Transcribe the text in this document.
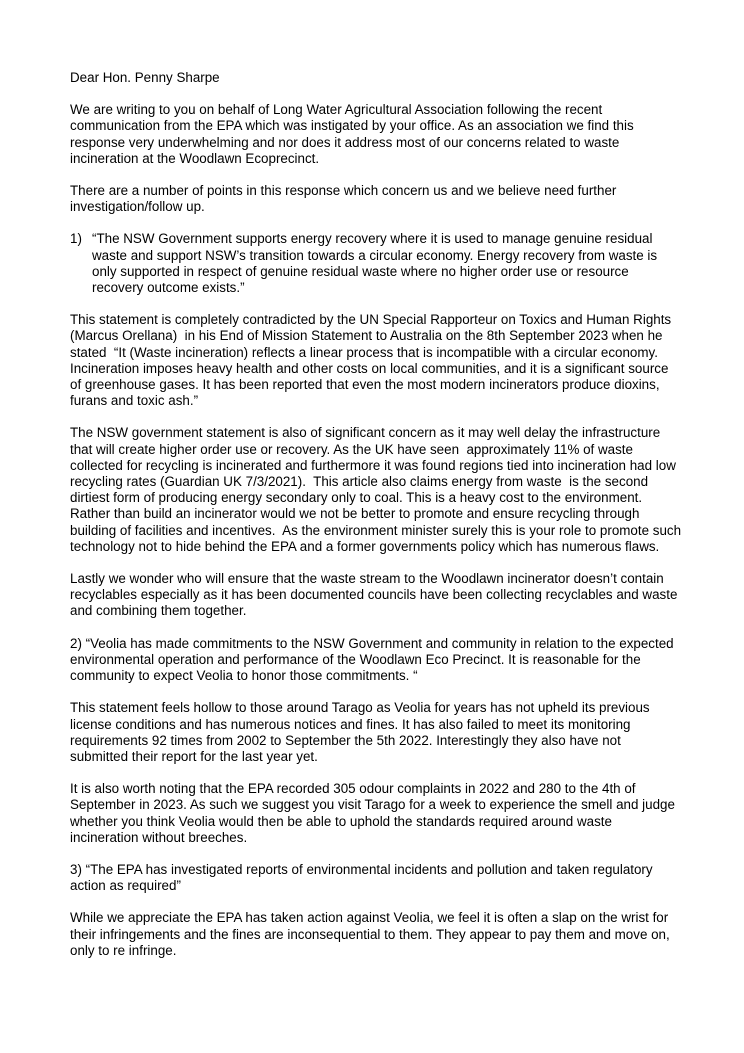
Dear Hon. Penny Sharpe

We are writing to you on behalf of Long Water Agricultural Association following the recent communication from the EPA which was instigated by your office. As an association we find this response very underwhelming and nor does it address most of our concerns related to waste incineration at the Woodlawn Ecoprecinct.

There are a number of points in this response which concern us and we believe need further investigation/follow up.

1) “The NSW Government supports energy recovery where it is used to manage genuine residual waste and support NSW’s transition towards a circular economy. Energy recovery from waste is only supported in respect of genuine residual waste where no higher order use or resource recovery outcome exists.”

This statement is completely contradicted by the UN Special Rapporteur on Toxics and Human Rights (Marcus Orellana)  in his End of Mission Statement to Australia on the 8th September 2023 when he stated  “It (Waste incineration) reflects a linear process that is incompatible with a circular economy. Incineration imposes heavy health and other costs on local communities, and it is a significant source of greenhouse gases. It has been reported that even the most modern incinerators produce dioxins, furans and toxic ash.”

The NSW government statement is also of significant concern as it may well delay the infrastructure that will create higher order use or recovery. As the UK have seen  approximately 11% of waste collected for recycling is incinerated and furthermore it was found regions tied into incineration had low recycling rates (Guardian UK 7/3/2021).  This article also claims energy from waste  is the second dirtiest form of producing energy secondary only to coal. This is a heavy cost to the environment. Rather than build an incinerator would we not be better to promote and ensure recycling through building of facilities and incentives.  As the environment minister surely this is your role to promote such technology not to hide behind the EPA and a former governments policy which has numerous flaws.

Lastly we wonder who will ensure that the waste stream to the Woodlawn incinerator doesn’t contain recyclables especially as it has been documented councils have been collecting recyclables and waste and combining them together.

2) “Veolia has made commitments to the NSW Government and community in relation to the expected environmental operation and performance of the Woodlawn Eco Precinct. It is reasonable for the community to expect Veolia to honor those commitments. “

This statement feels hollow to those around Tarago as Veolia for years has not upheld its previous license conditions and has numerous notices and fines. It has also failed to meet its monitoring requirements 92 times from 2002 to September the 5th 2022. Interestingly they also have not submitted their report for the last year yet.

It is also worth noting that the EPA recorded 305 odour complaints in 2022 and 280 to the 4th of September in 2023. As such we suggest you visit Tarago for a week to experience the smell and judge whether you think Veolia would then be able to uphold the standards required around waste incineration without breeches.

3) “The EPA has investigated reports of environmental incidents and pollution and taken regulatory action as required”

While we appreciate the EPA has taken action against Veolia, we feel it is often a slap on the wrist for their infringements and the fines are inconsequential to them. They appear to pay them and move on, only to re infringe.
